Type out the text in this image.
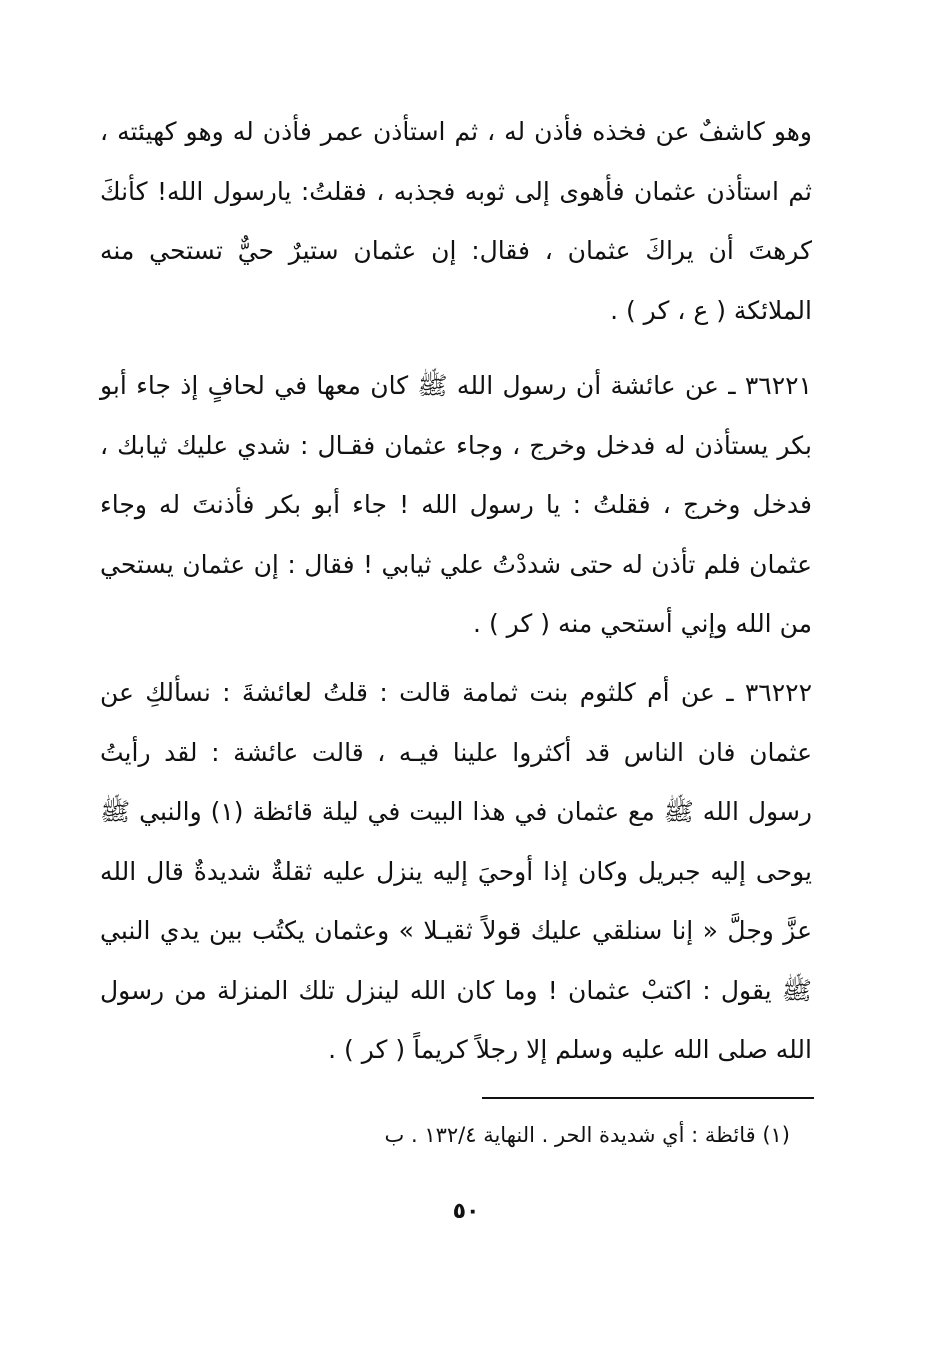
وهو كاشفٌ عن فخذه فأذن له ، ثم استأذن عمر فأذن له وهو كهيئته ، ثم استأذن عثمان فأهوى إلى ثوبه فجذبه ، فقلتُ: يارسول الله! كأنكَ كرهتَ أن يراكَ عثمان ، فقال: إن عثمان ستيرٌ حيٌّ تستحي منه الملائكة ( ع ، كر ) .

٣٦٢٢١ ـ عن عائشة أن رسول الله ﷺ كان معها في لحافٍ إذ جاء أبو بكر يستأذن له فدخل وخرج ، وجاء عثمان فقـال : شدي عليك ثيابك ، فدخل وخرج ، فقلتُ : يا رسول الله ! جاء أبو بكر فأذنتَ له وجاء عثمان فلم تأذن له حتى شددْتُ علي ثيابي ! فقال : إن عثمان يستحي من الله وإني أستحي منه ( كر ) .

٣٦٢٢٢ ـ عن أم كلثوم بنت ثمامة قالت : قلتُ لعائشةَ : نسألكِ عن عثمان فان الناس قد أكثروا علينا فيـه ، قالت عائشة : لقد رأيتُ رسول الله ﷺ مع عثمان في هذا البيت في ليلة قائظة (١) والنبي ﷺ يوحى إليه جبريل وكان إذا أوحيَ إليه ينزل عليه ثقلةٌ شديدةٌ قال الله عزَّ وجلَّ « إنا سنلقي عليك قولاً ثقيـلا » وعثمان يكتُب بين يدي النبي ﷺ يقول : اكتبْ عثمان ! وما كان الله لينزل تلك المنزلة من رسول الله صلى الله عليه وسلم إلا رجلاً كريماً ( كر ) .

(١) قائظة : أي شديدة الحر . النهاية ١٣٢/٤ . ب

٥٠
